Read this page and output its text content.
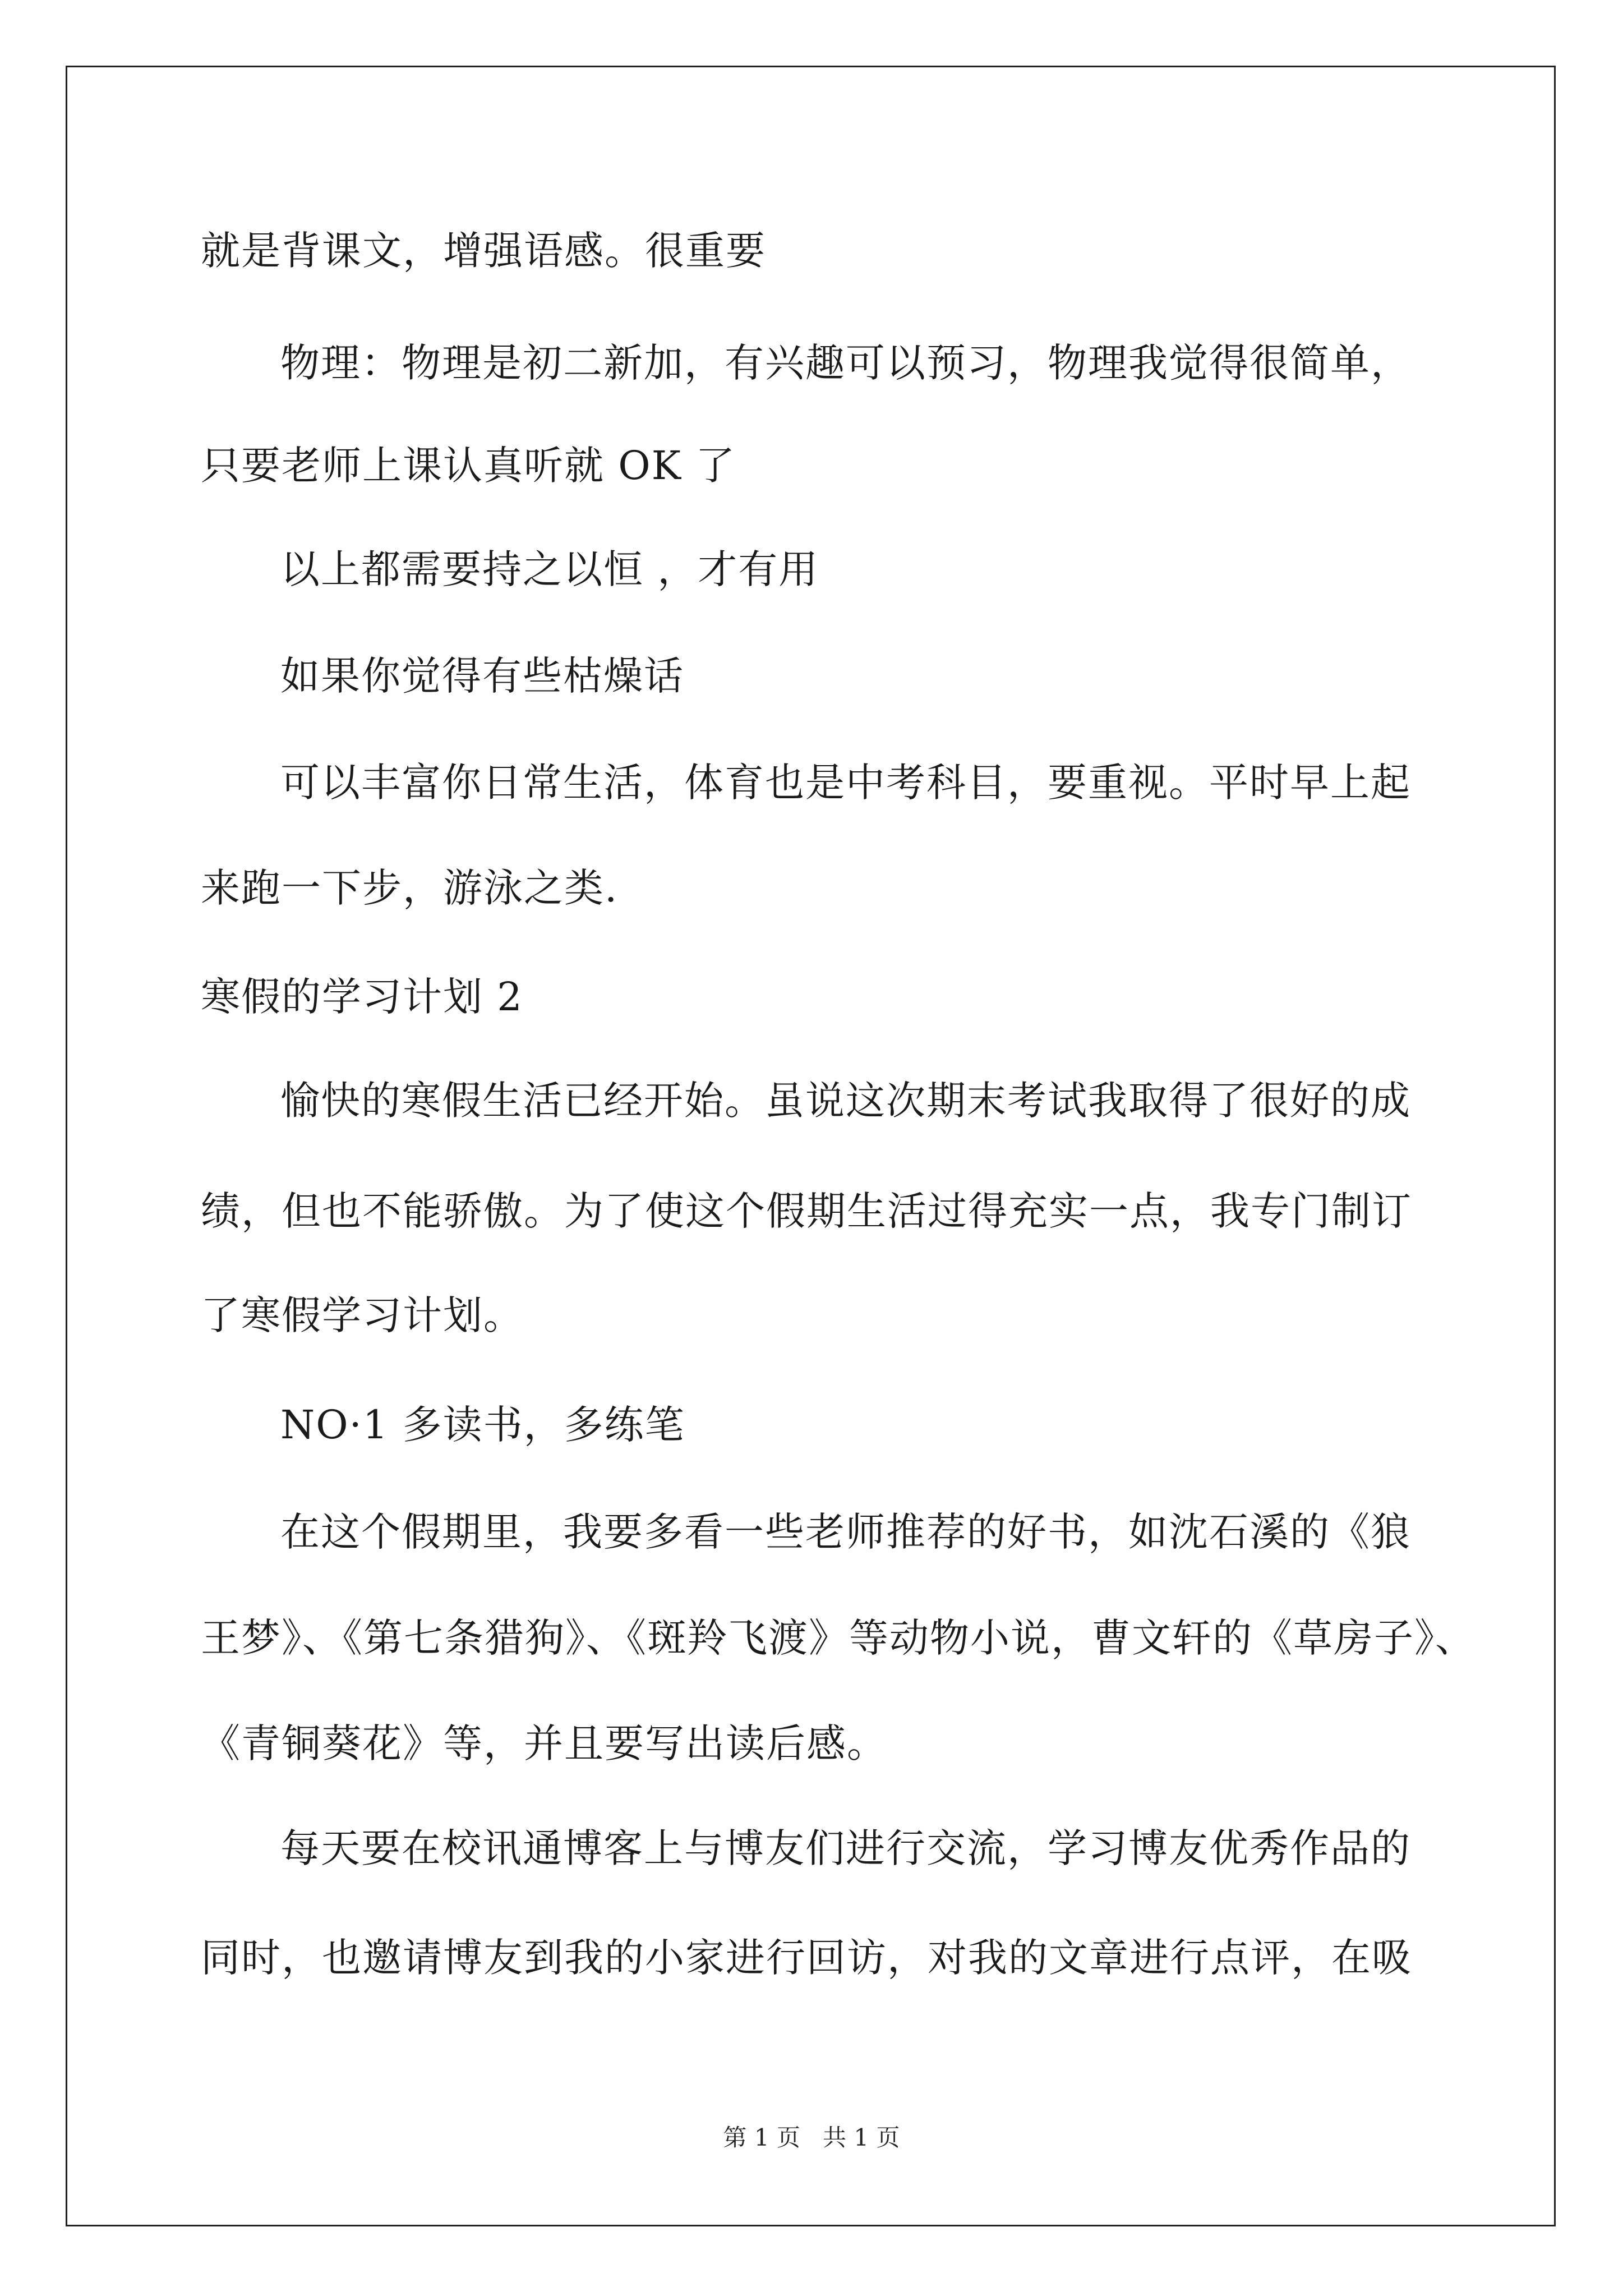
就是背课文，增强语感。很重要
物理：物理是初二新加，有兴趣可以预习，物理我觉得很简单，
只要老师上课认真听就 OK 了
以上都需要持之以恒 ，才有用
如果你觉得有些枯燥话
可以丰富你日常生活，体育也是中考科目，要重视。平时早上起
来跑一下步，游泳之类.
寒假的学习计划 2
愉快的寒假生活已经开始。虽说这次期末考试我取得了很好的成
绩，但也不能骄傲。为了使这个假期生活过得充实一点，我专门制订
了寒假学习计划。
NO·1 多读书，多练笔
在这个假期里，我要多看一些老师推荐的好书，如沈石溪的《狼
王梦》、《第七条猎狗》、《斑羚飞渡》等动物小说，曹文轩的《草房子》、
《青铜葵花》等，并且要写出读后感。
每天要在校讯通博客上与博友们进行交流，学习博友优秀作品的
同时，也邀请博友到我的小家进行回访，对我的文章进行点评，在吸
第 1 页   共 1 页
